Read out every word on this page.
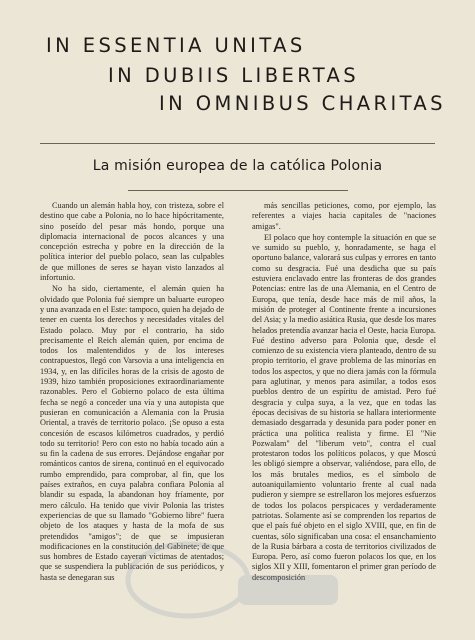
IN ESSENTIA UNITAS
IN DUBIIS LIBERTAS
IN OMNIBUS CHARITAS
La misión europea de la católica Polonia

Cuando un alemán habla hoy, con tristeza, sobre el destino que cabe a Polonia, no lo hace hipócritamente, sino poseído del pesar más hondo, porque una diplomacia internacional de pocos alcances y una concepción estrecha y pobre en la dirección de la política interior del pueblo polaco, sean las culpables de que millones de seres se hayan visto lanzados al infortunio.

No ha sido, ciertamente, el alemán quien ha olvidado que Polonia fué siempre un baluarte europeo y una avanzada en el Este: tampoco, quien ha dejado de tener en cuenta los derechos y necesidades vitales del Estado polaco. Muy por el contrario, ha sido precisamente el Reich alemán quien, por encima de todos los malentendidos y de los intereses contrapuestos, llegó con Varsovia a una inteligencia en 1934, y, en las difíciles horas de la crisis de agosto de 1939, hizo también proposiciones extraordinariamente razonables. Pero el Gobierno polaco de esta última fecha se negó a conceder una vía y una autopista que pusieran en comunicación a Alemania con la Prusia Oriental, a través de territorio polaco. ¡Se opuso a esta concesión de escasos kilómetros cuadrados, y perdió todo su territorio! Pero con esto no había tocado aún a su fin la cadena de sus errores. Dejándose engañar por románticos cantos de sirena, continuó en el equivocado rumbo emprendido, para comprobar, al fin, que los países extraños, en cuya palabra confiara Polonia al blandir su espada, la abandonan hoy fríamente, por mero cálculo. Ha tenido que vivir Polonia las tristes experiencias de que su llamado "Gobierno libre" fuera objeto de los ataques y hasta de la mofa de sus pretendidos "amigos"; de que se impusieran modificaciones en la constitución del Gabinete; de que sus hombres de Estado cayeran víctimas de atentados; que se suspendiera la publicación de sus periódicos, y hasta se denegaran sus

más sencillas peticiones, como, por ejemplo, las referentes a viajes hacia capitales de "naciones amigas".

El polaco que hoy contemple la situación en que se ve sumido su pueblo, y, honradamente, se haga el oportuno balance, valorará sus culpas y errores en tanto como su desgracia. Fué una desdicha que su país estuviera enclavado entre las fronteras de dos grandes Potencias: entre las de una Alemania, en el Centro de Europa, que tenía, desde hace más de mil años, la misión de proteger al Continente frente a incursiones del Asia; y la medio asiática Rusia, que desde los mares helados pretendía avanzar hacia el Oeste, hacia Europa. Fué destino adverso para Polonia que, desde el comienzo de su existencia viera planteado, dentro de su propio territorio, el grave problema de las minorías en todos los aspectos, y que no diera jamás con la fórmula para aglutinar, y menos para asimilar, a todos esos pueblos dentro de un espíritu de amistad. Pero fué desgracia y culpa suya, a la vez, que en todas las épocas decisivas de su historia se hallara interiormente demasiado desgarrada y desunida para poder poner en práctica una política realista y firme. El "Nie Pozwalam" del "liberum veto", contra el cual protestaron todos los políticos polacos, y que Moscú les obligó siempre a observar, valiéndose, para ello, de los más brutales medios, es el símbolo de autoaniquilamiento voluntario frente al cual nada pudieron y siempre se estrellaron los mejores esfuerzos de todos los polacos perspicaces y verdaderamente patriotas. Solamente así se comprenden los repartos de que el país fué objeto en el siglo XVIII, que, en fin de cuentas, sólo significaban una cosa: el ensanchamiento de la Rusia bárbara a costa de territorios civilizados de Europa. Pero, así como fueron polacos los que, en los siglos XII y XIII, fomentaron el primer gran período de descomposición
